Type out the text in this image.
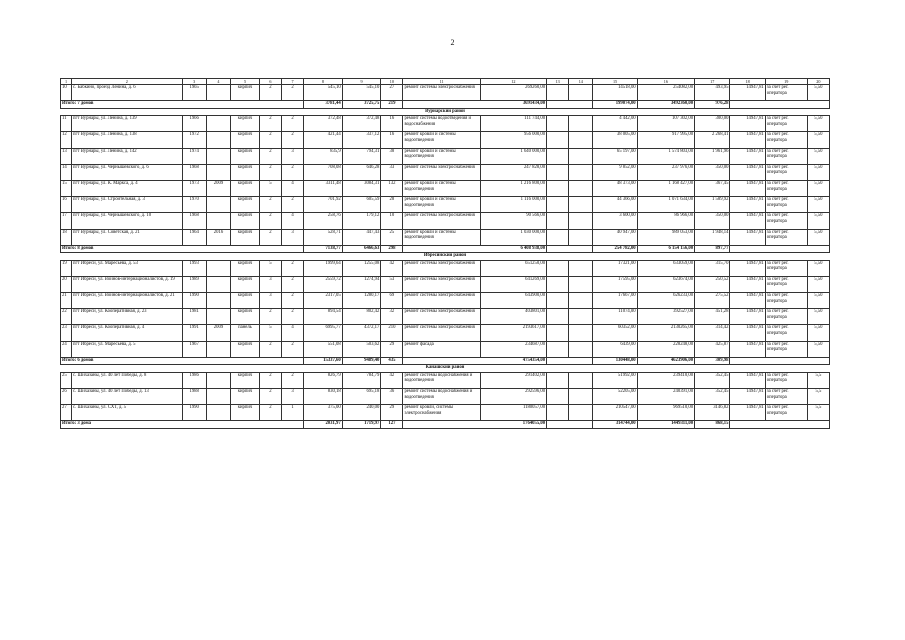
2
1	2	3	4	5	6	7	8	9	10	11	12	13	14	15	16	17	18	19	20
10	с. Бабкино, проезд Ленина, д. 6	1965		кирпич	2	2	545,10	545,10	27	ремонт системы электроснабжения	269260,00			14518,00	254082,00	493,95	14947,81	за счет рег. оператора	5,50
Итого: 7 домов							3781,44	3725,75	219	3691434,00				199074,00	3492360,00	976,28			
Вурнарский район																			
11	пгт Вурнары, ул. Ленина, д. 139	1966		кирпич	2	2	372,48	372,48	16	ремонт системы водоотведения и водоснабжения	111 744,00			4 442,00	107 302,00	300,00	14947,81	за счет рег. оператора	5,50
12	пгт Вурнары, ул. Ленина, д. 138	1972		кирпич	2	2	421,44	337,12	16	ремонт кровли и системы водоотведения	956 000,00			38 005,00	917 995,00	2 268,41	14947,81	за счет рег. оператора	5,50
13	пгт Вурнары, ул. Ленина, д. 142	1974		кирпич	2	3	835,9	794,31	38	ремонт кровли и системы водоотведения	1 640 000,00			65 197,00	1 574 803,00	1 961,96	14947,81	за счет рег. оператора	5,50
14	пгт Вурнары, ул. Чернышевского, д. 6	1968		кирпич	2	2	708,08	646,28	33	ремонт системы электроснабжения	247 828,00			9 852,00	237 976,00	350,00	14947,81	за счет рег. оператора	5,50
15	пгт Вурнары, ул. К. Маркса, д. 4	1973	2009	кирпич	5	4	3311,48	3084,31	132	ремонт кровли и системы водоотведения	1 216 800,00			48 373,00	1 168 427,00	367,45	14947,81	за счет рег. оператора	5,50
16	пгт Вурнары, ул. Строительная, д. 3	1970		кирпич	2	2	701,92	605,59	28	ремонт кровли и системы водоотведения	1 116 000,00			44 366,00	1 071 634,00	1 589,92	14947,81	за счет рег. оператора	5,50
17	пгт Вурнары, ул. Чернышевского, д. 10	1968		кирпич	2	4	258,76	179,12	10	ремонт системы электроснабжения	90 566,00			3 600,00	86 966,00	350,00	14947,81	за счет рег. оператора	5,50
18	пгт Вурнары, ул. Советская, д. 21	1964	2016	кирпич	2	3	528,71	447,43	25	ремонт кровли и системы водоотведения	1 030 000,00			40 947,00	989 053,00	1 948,14	14947,81	за счет рег. оператора	5,50
Итого: 8 домов							7138,77	6466,63	298	6 408 938,00				254 782,00	6 154 156,00	897,77			
Ибресинский район																			
19	пгт Ибреси, ул. Маресьева, д. 53	1993		кирпич	5	2	1999,64	1255,08	42	ремонт системы электроснабжения	651250,00			17321,00	633059,00	315,70	14947,81	за счет рег. оператора	5,50
20	пгт Ибреси, ул. Воинов-интернационалистов, д. 19	1989		кирпич	3	2	2559,72	1274,94	53	ремонт системы электроснабжения	641269,00			17595,00	623674,00	250,52	14947,81	за счет рег. оператора	5,50
21	пгт Ибреси, ул. Воинов-интернационалистов, д. 21	1990		кирпич	3	2	2317,05	1280,17	69	ремонт системы электроснабжения	643900,00			17667,00	626233,00	275,52	14947,81	за счет рег. оператора	5,50
22	пгт Ибреси, ул. Кооперативная, д. 23	1981		кирпич	2	2	894,54	802,42	32	ремонт системы электроснабжения	403801,00			11074,00	392527,00	451,28	14947,81	за счет рег. оператора	5,50
23	пгт Ибреси, ул. Кооперативная, д. 4	1991	2009	панель	5	4	6995,77	4372,17	210	ремонт системы электроснабжения	2193617,00			60352,00	2130265,00	314,42	14947,81	за счет рег. оператора	5,50
24	пгт Ибреси, ул. Маресьева, д. 5	1967		кирпич	2	2	551,08	503,62	29	ремонт фасада	234687,00			6439,00	228248,00	425,87	14947,81	за счет рег. оператора	5,50
Итого: 6 домов							15337,60	9489,40	435	4754354,00				130448,00	4623906,00	309,98			
Канашский район																			
25	с. Шихазаны, ул. 40 лет Победы, д. 8	1986		кирпич	2	2	826,79	784,79	42	ремонт системы водоснабжения и водоотведения	291402,00			51992,00	239410,00	352,45	14947,81	за счет рег. оператора	5,5
26	с. Шихазаны, ул. 40 лет Победы, д. 13	1988		кирпич	2	3	830,18	695,18	36	ремонт системы водоснабжения и водоотведения	292596,00			52205,00	240391,00	352,45	14947,81	за счет рег. оператора	5,5
27	с. Шихазаны, ул. СХТ, д. 5	1990		кирпич	2	1	375,00	240,00	29	ремонт кровли, системы электроснабжения	1180057,00			210547,00	969510,00	3146,82	14947,81	за счет рег. оператора	5,5
Итого: 3 дома							2031,97	1719,97	127	1764055,00				314744,00	1449311,00	868,15			
